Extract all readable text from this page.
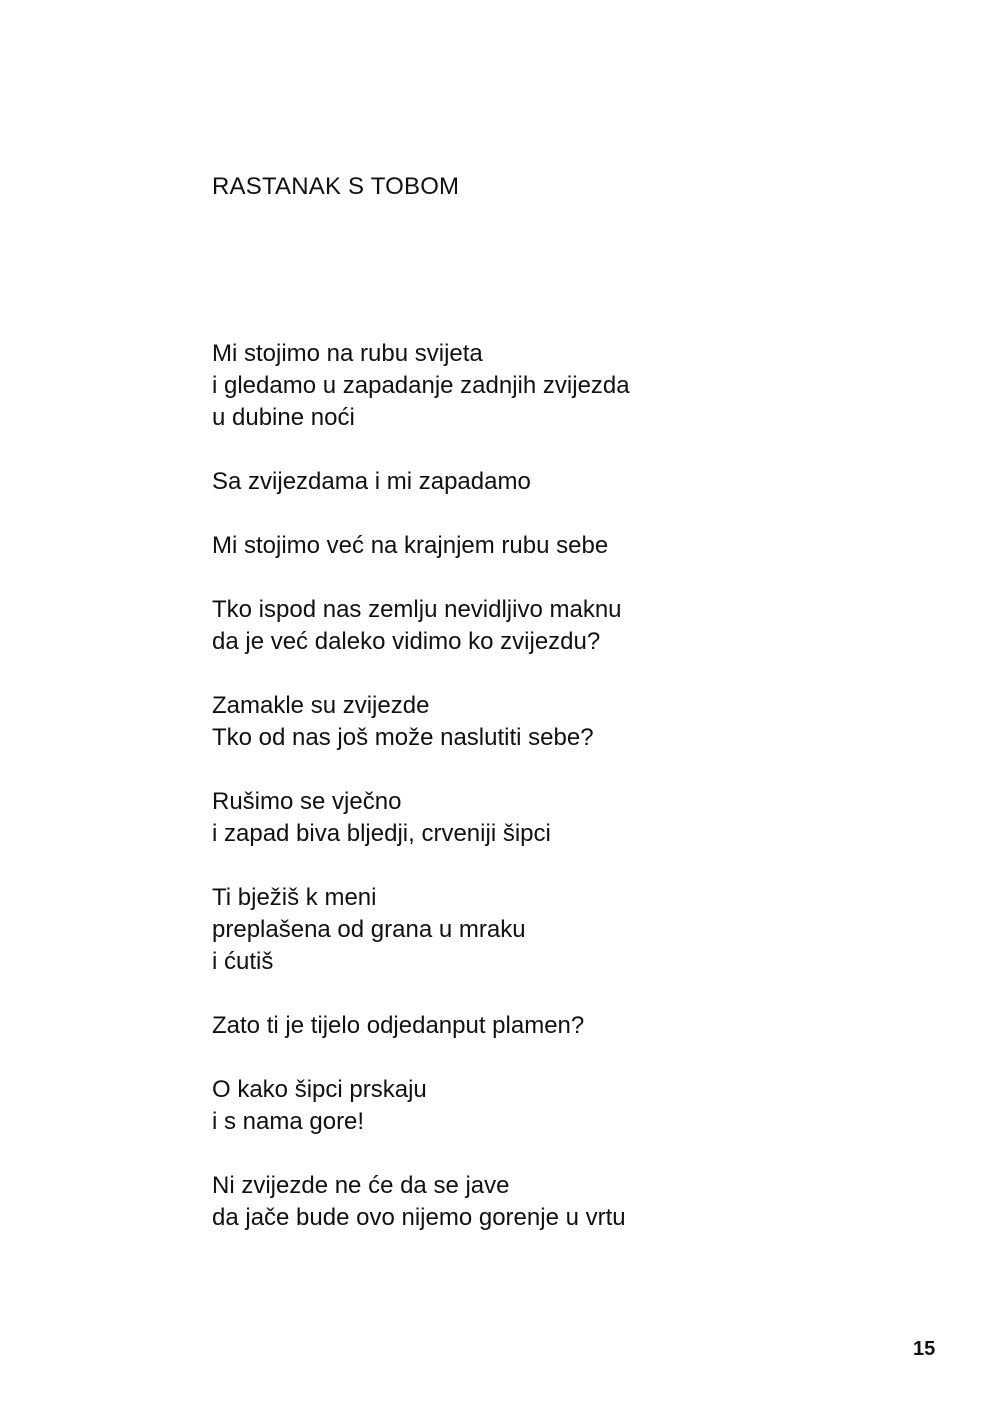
RASTANAK S TOBOM
Mi stojimo na rubu svijeta
i gledamo u zapadanje zadnjih zvijezda
u dubine noći
Sa zvijezdama i mi zapadamo
Mi stojimo već na krajnjem rubu sebe
Tko ispod nas zemlju nevidljivo maknu
da je već daleko vidimo ko zvijezdu?
Zamakle su zvijezde
Tko od nas još može naslutiti sebe?
Rušimo se vječno
i zapad biva bljedji, crveniji šipci
Ti bježiš k meni
preplašena od grana u mraku
i ćutiš
Zato ti je tijelo odjedanput plamen?
O kako šipci prskaju
i s nama gore!
Ni zvijezde ne će da se jave
da jače bude ovo nijemo gorenje u vrtu
15
